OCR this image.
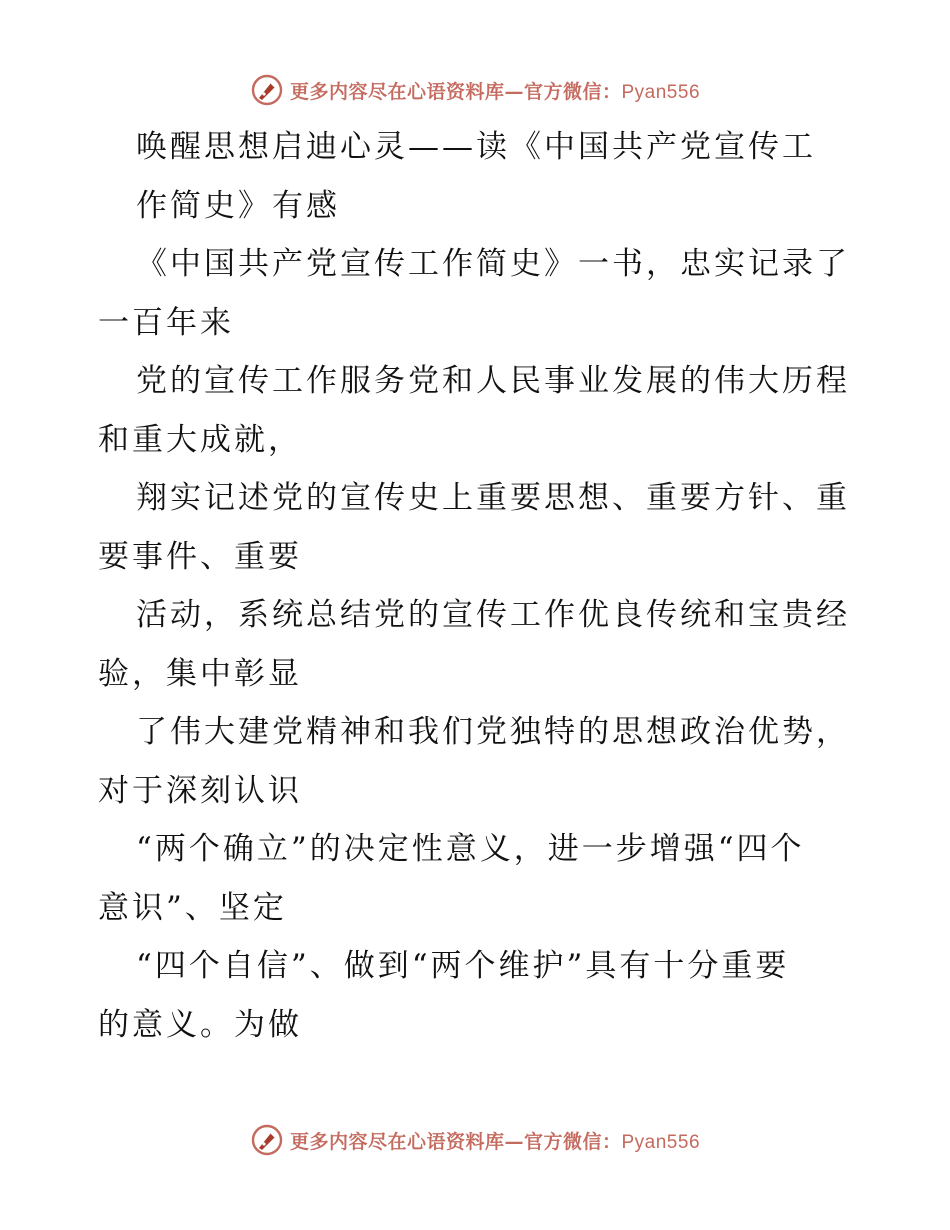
更多内容尽在心语资料库—官方微信：Pyan556
唤醒思想启迪心灵——读《中国共产党宣传工
作简史》有感
《中国共产党宣传工作简史》一书，忠实记录了
一百年来
党的宣传工作服务党和人民事业发展的伟大历程
和重大成就，
翔实记述党的宣传史上重要思想、重要方针、重
要事件、重要
活动，系统总结党的宣传工作优良传统和宝贵经
验，集中彰显
了伟大建党精神和我们党独特的思想政治优势，
对于深刻认识
“两个确立”的决定性意义，进一步增强“四个
意识”、坚定
“四个自信”、做到“两个维护”具有十分重要
的意义。为做
更多内容尽在心语资料库—官方微信：Pyan556
